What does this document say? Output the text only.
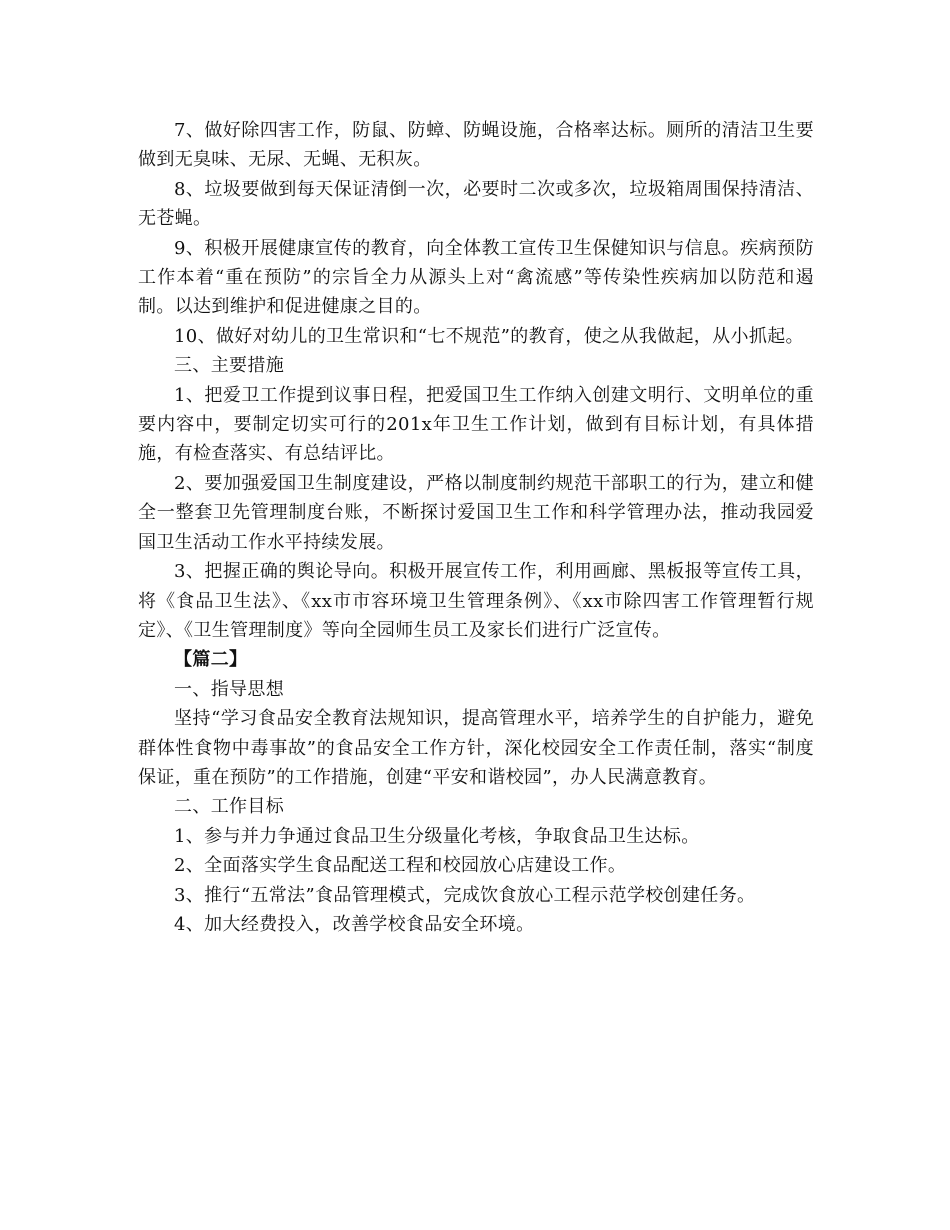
7、做好除四害工作，防鼠、防蟑、防蝇设施，合格率达标。厕所的清洁卫生要做到无臭味、无尿、无蝇、无积灰。

8、垃圾要做到每天保证清倒一次，必要时二次或多次，垃圾箱周围保持清洁、无苍蝇。

9、积极开展健康宣传的教育，向全体教工宣传卫生保健知识与信息。疾病预防工作本着“重在预防”的宗旨全力从源头上对“禽流感”等传染性疾病加以防范和遏制。以达到维护和促进健康之目的。

10、做好对幼儿的卫生常识和“七不规范”的教育，使之从我做起，从小抓起。

三、主要措施

1、把爱卫工作提到议事日程，把爱国卫生工作纳入创建文明行、文明单位的重要内容中，要制定切实可行的201x年卫生工作计划，做到有目标计划，有具体措施，有检查落实、有总结评比。

2、要加强爱国卫生制度建设，严格以制度制约规范干部职工的行为，建立和健全一整套卫先管理制度台账，不断探讨爱国卫生工作和科学管理办法，推动我园爱国卫生活动工作水平持续发展。

3、把握正确的舆论导向。积极开展宣传工作，利用画廊、黑板报等宣传工具，将《食品卫生法》、《xx市市容环境卫生管理条例》、《xx市除四害工作管理暂行规定》、《卫生管理制度》等向全园师生员工及家长们进行广泛宣传。

【篇二】

一、指导思想

坚持“学习食品安全教育法规知识，提高管理水平，培养学生的自护能力，避免群体性食物中毒事故”的食品安全工作方针，深化校园安全工作责任制，落实“制度保证，重在预防”的工作措施，创建“平安和谐校园”，办人民满意教育。

二、工作目标

1、参与并力争通过食品卫生分级量化考核，争取食品卫生达标。

2、全面落实学生食品配送工程和校园放心店建设工作。

3、推行“五常法”食品管理模式，完成饮食放心工程示范学校创建任务。

4、加大经费投入，改善学校食品安全环境。
